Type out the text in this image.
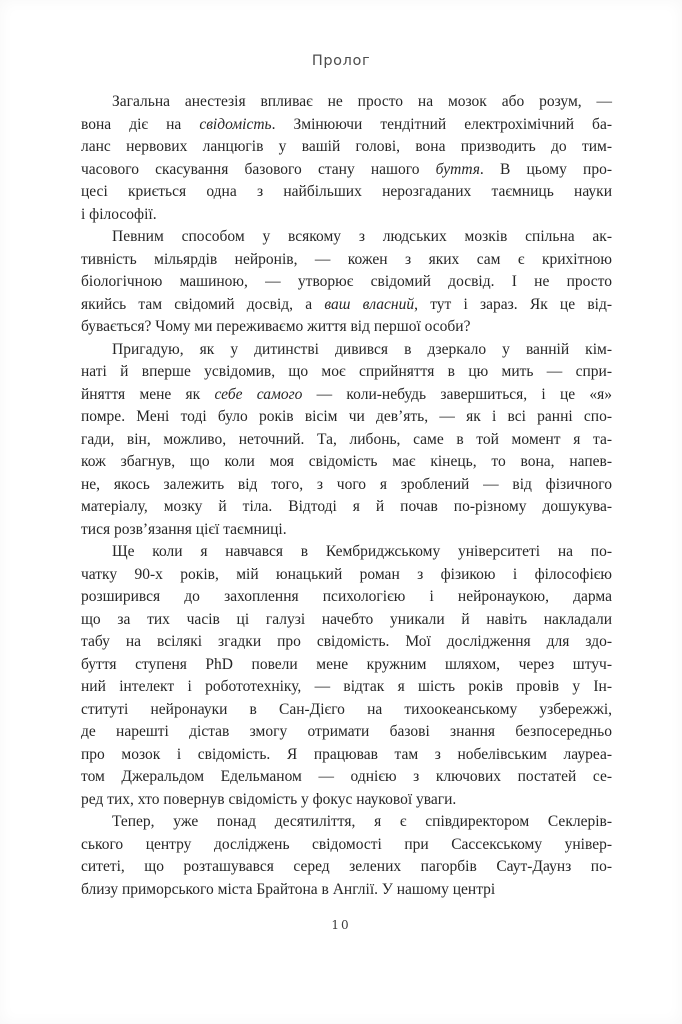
Пролог
Загальна анестезія впливає не просто на мозок або розум, —
вона діє на свідомість. Змінюючи тендітний електрохімічний ба-
ланс нервових ланцюгів у вашій голові, вона призводить до тим-
часового скасування базового стану нашого буття. В цьому про-
цесі криється одна з найбільших нерозгаданих таємниць науки
і філософії.
Певним способом у всякому з людських мозків спільна ак-
тивність мільярдів нейронів, — кожен з яких сам є крихітною
біологічною машиною, — утворює свідомий досвід. І не просто
якийсь там свідомий досвід, а ваш власний, тут і зараз. Як це від-
бувається? Чому ми переживаємо життя від першої особи?
Пригадую, як у дитинстві дивився в дзеркало у ванній кім-
наті й вперше усвідомив, що моє сприйняття в цю мить — спри-
йняття мене як себе самого — коли-небудь завершиться, і це «я»
помре. Мені тоді було років вісім чи дев’ять, — як і всі ранні спо-
гади, він, можливо, неточний. Та, либонь, саме в той момент я та-
кож збагнув, що коли моя свідомість має кінець, то вона, напев-
не, якось залежить від того, з чого я зроблений — від фізичного
матеріалу, мозку й тіла. Відтоді я й почав по-різному дошукува-
тися розв’язання цієї таємниці.
Ще коли я навчався в Кембриджському університеті на по-
чатку 90-х років, мій юнацький роман з фізикою і філософією
розширився до захоплення психологією і нейронаукою, дарма
що за тих часів ці галузі начебто уникали й навіть накладали
табу на всілякі згадки про свідомість. Мої дослідження для здо-
буття ступеня PhD повели мене кружним шляхом, через штуч-
ний інтелект і робототехніку, — відтак я шість років провів у Ін-
ституті нейронауки в Сан-Дієго на тихоокеанському узбережжі,
де нарешті дістав змогу отримати базові знання безпосередньо
про мозок і свідомість. Я працював там з нобелівським лауреа-
том Джеральдом Едельманом — однією з ключових постатей се-
ред тих, хто повернув свідомість у фокус наукової уваги.
Тепер, уже понад десятиліття, я є співдиректором Секлерів-
ського центру досліджень свідомості при Сассекському універ-
ситеті, що розташувався серед зелених пагорбів Саут-Даунз по-
близу приморського міста Брайтона в Англії. У нашому центрі
10
